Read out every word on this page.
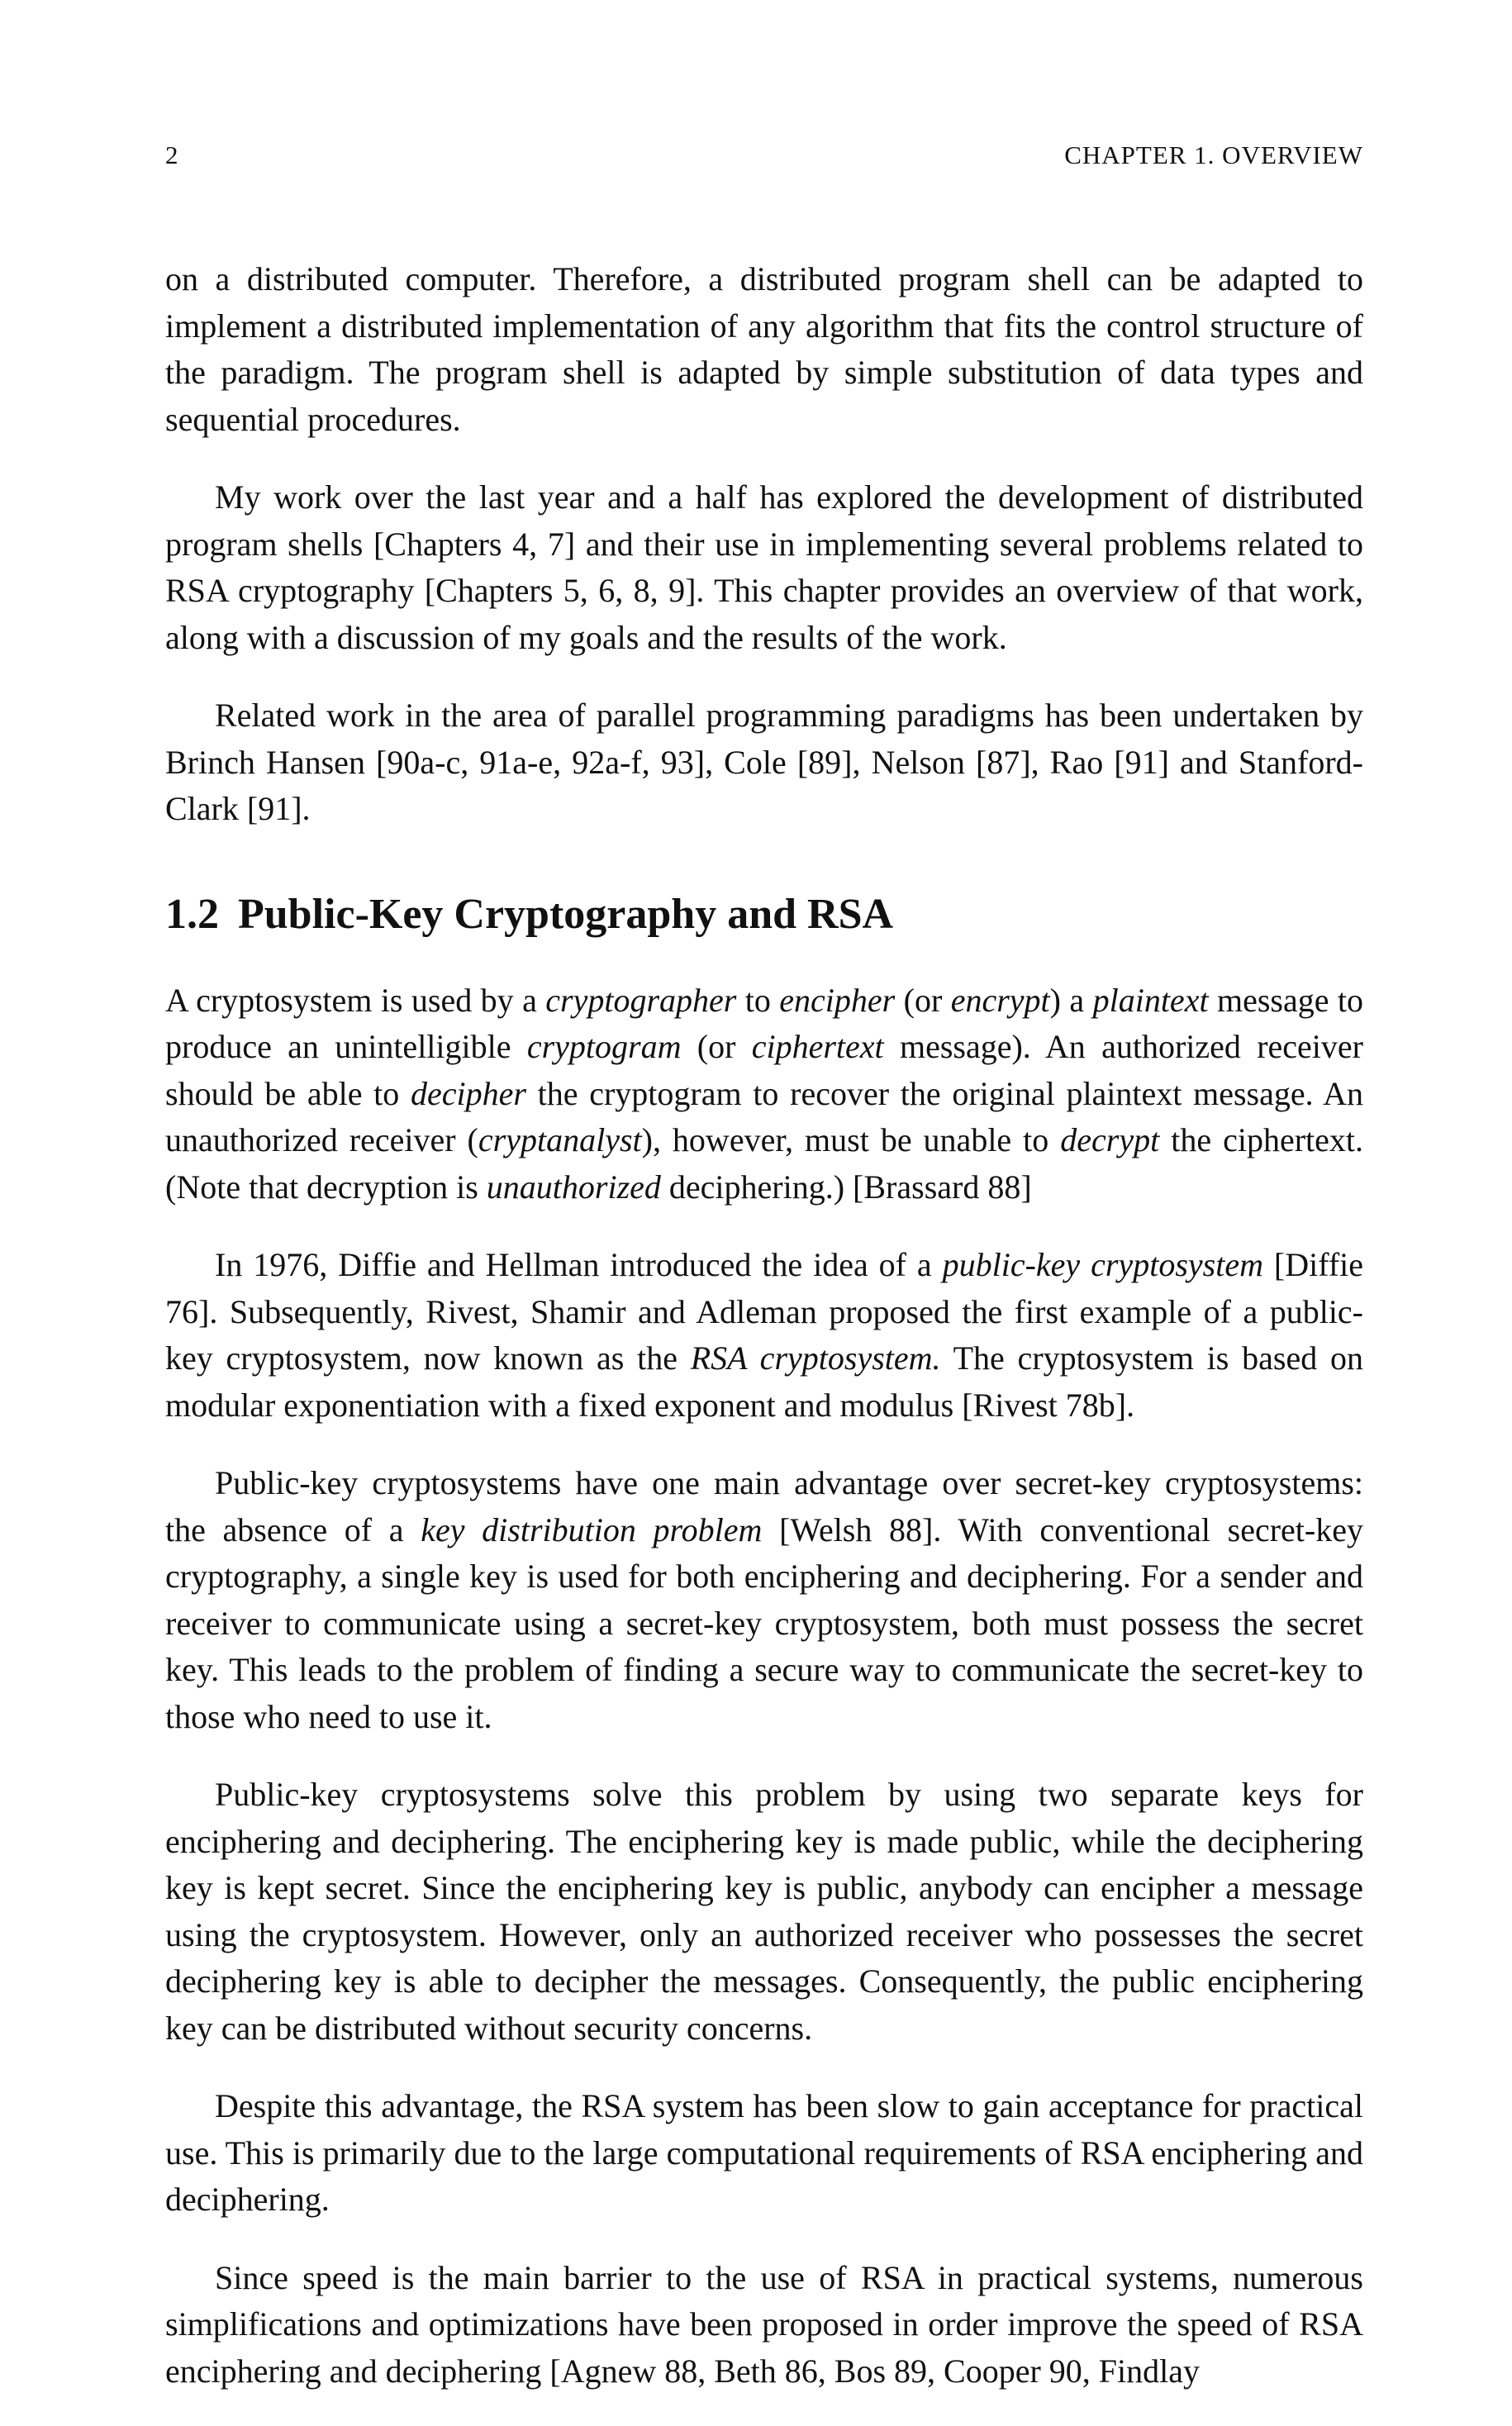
2	CHAPTER 1. OVERVIEW

on a distributed computer. Therefore, a distributed program shell can be adapted to implement a distributed implementation of any algorithm that fits the control structure of the paradigm. The program shell is adapted by simple substitution of data types and sequential procedures.

My work over the last year and a half has explored the development of distributed program shells [Chapters 4, 7] and their use in implementing several problems related to RSA cryptography [Chapters 5, 6, 8, 9]. This chapter provides an overview of that work, along with a discussion of my goals and the results of the work.

Related work in the area of parallel programming paradigms has been undertaken by Brinch Hansen [90a-c, 91a-e, 92a-f, 93], Cole [89], Nelson [87], Rao [91] and Stanford-Clark [91].

1.2 Public-Key Cryptography and RSA

A cryptosystem is used by a cryptographer to encipher (or encrypt) a plaintext message to produce an unintelligible cryptogram (or ciphertext message). An authorized receiver should be able to decipher the cryptogram to recover the original plaintext message. An unauthorized receiver (cryptanalyst), however, must be unable to decrypt the ciphertext. (Note that decryption is unauthorized deciphering.) [Brassard 88]

In 1976, Diffie and Hellman introduced the idea of a public-key cryptosystem [Diffie 76]. Subsequently, Rivest, Shamir and Adleman proposed the first example of a public-key cryptosystem, now known as the RSA cryptosystem. The cryptosystem is based on modular exponentiation with a fixed exponent and modulus [Rivest 78b].

Public-key cryptosystems have one main advantage over secret-key cryptosystems: the absence of a key distribution problem [Welsh 88]. With conventional secret-key cryptography, a single key is used for both enciphering and deciphering. For a sender and receiver to communicate using a secret-key cryptosystem, both must possess the secret key. This leads to the problem of finding a secure way to communicate the secret-key to those who need to use it.

Public-key cryptosystems solve this problem by using two separate keys for enciphering and deciphering. The enciphering key is made public, while the deciphering key is kept secret. Since the enciphering key is public, anybody can encipher a message using the cryptosystem. However, only an authorized receiver who possesses the secret deciphering key is able to decipher the messages. Consequently, the public enciphering key can be distributed without security concerns.

Despite this advantage, the RSA system has been slow to gain acceptance for practical use. This is primarily due to the large computational requirements of RSA enciphering and deciphering.

Since speed is the main barrier to the use of RSA in practical systems, numerous simplifications and optimizations have been proposed in order improve the speed of RSA enciphering and deciphering [Agnew 88, Beth 86, Bos 89, Cooper 90, Findlay
